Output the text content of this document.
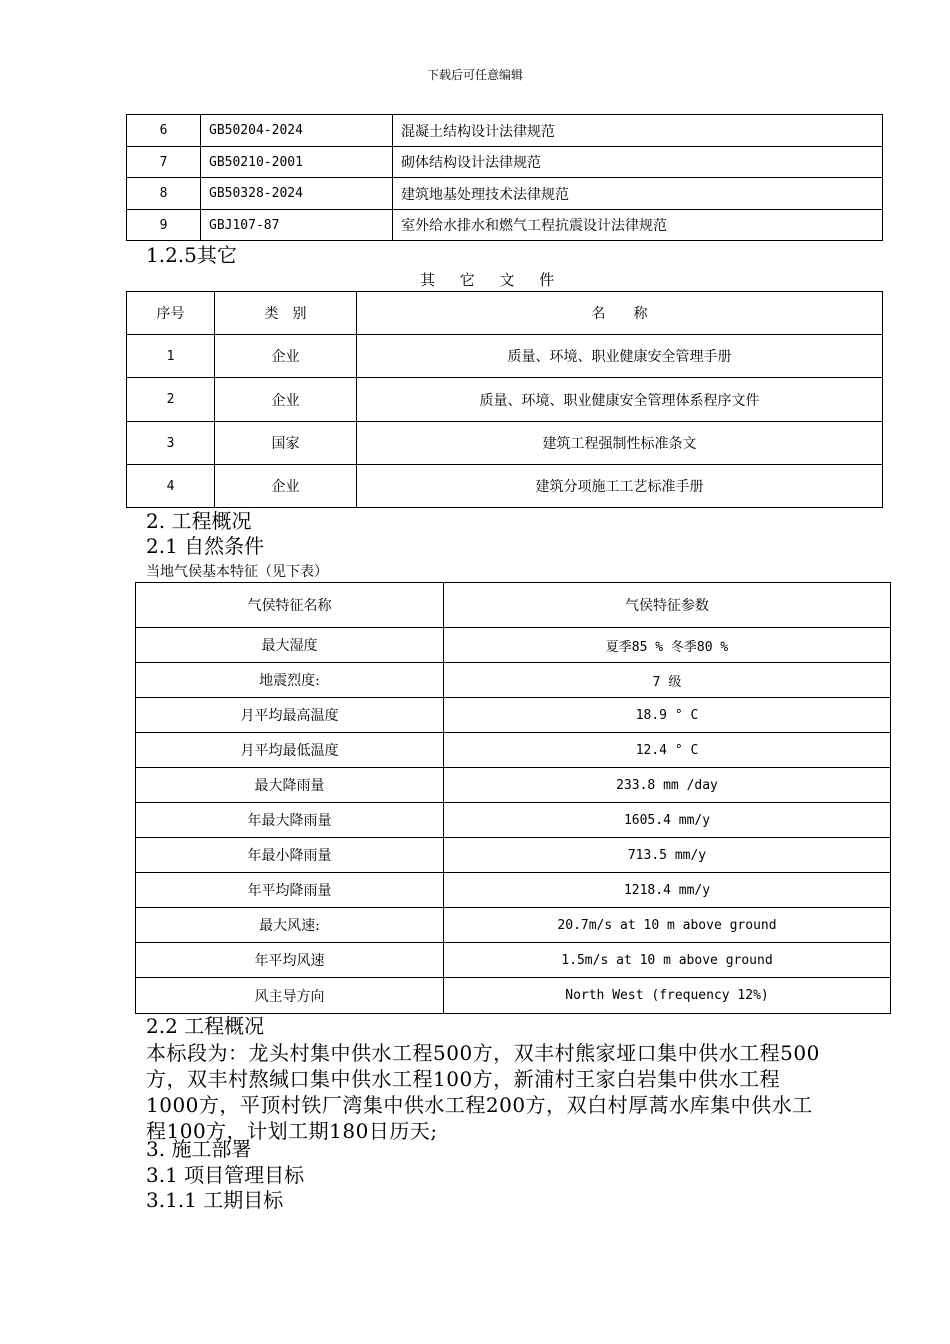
下载后可任意编辑
6	GB50204-2024	混凝土结构设计法律规范
7	GB50210-2001	砌体结构设计法律规范
8	GB50328-2024	建筑地基处理技术法律规范
9	GBJ107-87	室外给水排水和燃气工程抗震设计法律规范
1.2.5其它
其 它 文 件
序号	类　别	名　　称
1	企业	质量、环境、职业健康安全管理手册
2	企业	质量、环境、职业健康安全管理体系程序文件
3	国家	建筑工程强制性标准条文
4	企业	建筑分项施工工艺标准手册
2. 工程概况
2.1 自然条件
当地气侯基本特征（见下表）
气侯特征名称	气侯特征参数
最大湿度	夏季85 % 冬季80 %
地震烈度:	7 级
月平均最高温度	18.9 ° C
月平均最低温度	12.4 ° C
最大降雨量	233.8 mm /day
年最大降雨量	1605.4 mm/y
年最小降雨量	713.5 mm/y
年平均降雨量	1218.4 mm/y
最大风速:	20.7m/s at 10 m above ground
年平均风速	1.5m/s at 10 m above ground
风主导方向	North West (frequency 12%)
2.2 工程概况
本标段为：龙头村集中供水工程500方，双丰村熊家垭口集中供水工程500方，双丰村熬缄口集中供水工程100方，新浦村王家白岩集中供水工程1000方，平顶村铁厂湾集中供水工程200方，双白村厚蒿水库集中供水工程100方，计划工期180日历天;
3. 施工部署
3.1 项目管理目标
3.1.1 工期目标
